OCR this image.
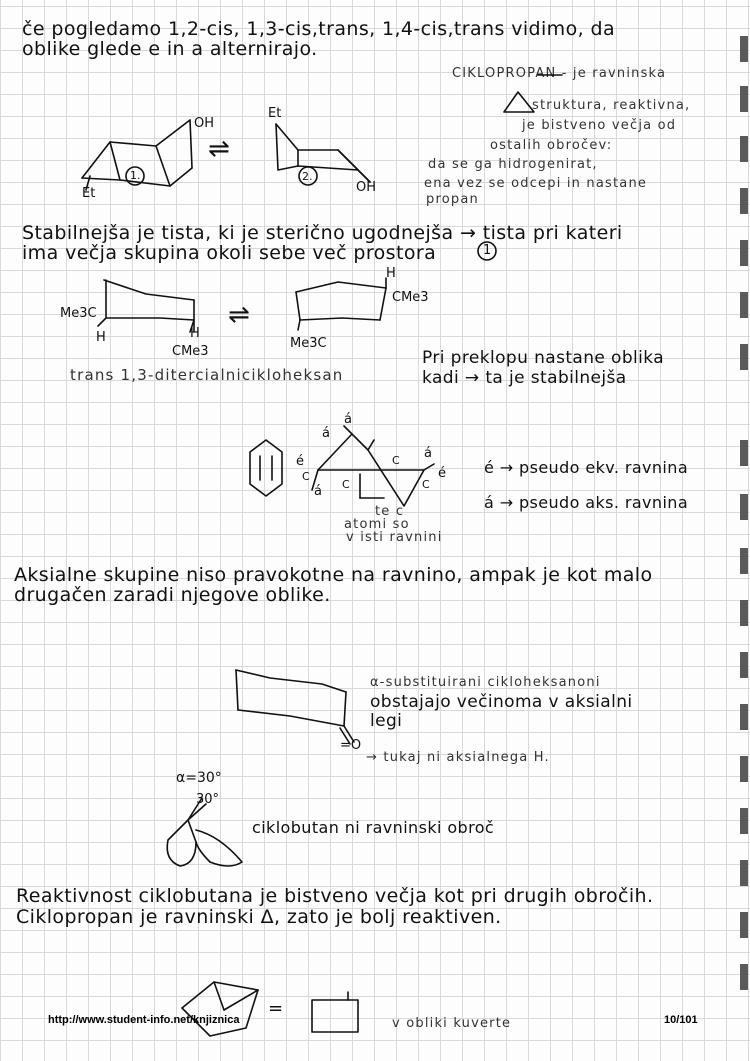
če pogledamo 1,2-cis, 1,3-cis,trans, 1,4-cis,trans vidimo, da
oblike glede e in a alternirajo.
CIKLOPROPAN - je ravninska
struktura, reaktivna,
je bistveno večja od
ostalih obročev:
da se ga hidrogenirat,
ena vez se odcepi in nastane
propan
Stabilnejša je tista, ki je sterično ugodnejša → tista pri kateri
ima večja skupina okoli sebe več prostora
trans 1,3-ditercialnicikloheksan
Pri preklopu nastane oblika
kadi → ta je stabilnejša
é → pseudo ekv. ravnina
á → pseudo aks. ravnina
te c
atomi so
v isti ravnini
Aksialne skupine niso pravokotne na ravnino, ampak je kot malo
drugačen zaradi njegove oblike.
α-substituirani cikloheksanoni
obstajajo večinoma v aksialni
legi
→ tukaj ni aksialnega H.
ciklobutan ni ravninski obroč
Reaktivnost ciklobutana je bistveno večja kot pri drugih obročih.
Ciklopropan je ravninski Δ, zato je bolj reaktiven.
v obliki kuverte
=
OH
Et
1.
⇌
Et
OH
2.
1
Me3C
H	H
CMe3
⇌
H
CMe3
Me3C
é
á
á
á
é
á
C
C
C
C
=O
α=30°
30°
http://www.student-info.net/knjiznica	10/101
